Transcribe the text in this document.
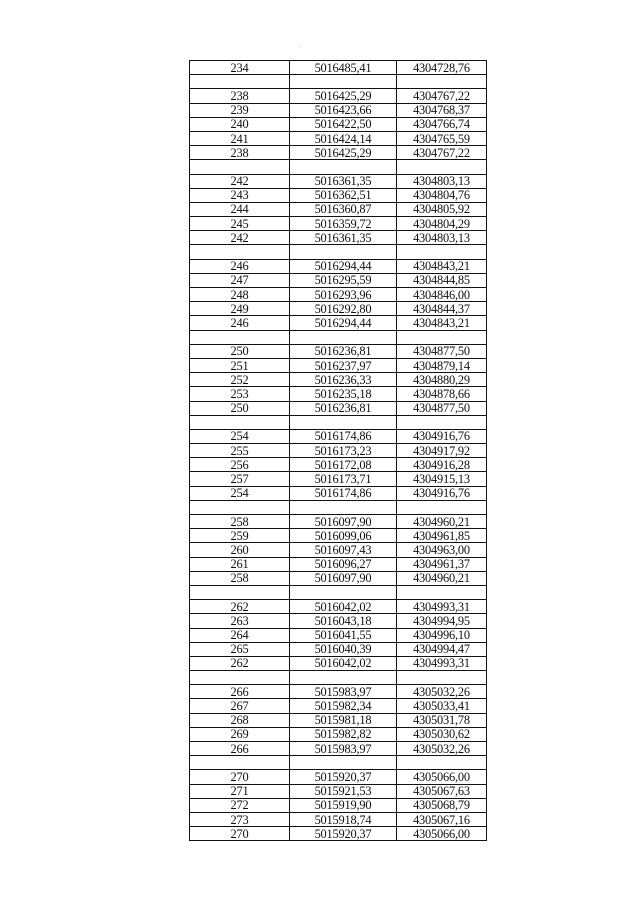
234	5016485,41	4304728,76

238	5016425,29	4304767,22
239	5016423,66	4304768,37
240	5016422,50	4304766,74
241	5016424,14	4304765,59
238	5016425,29	4304767,22

242	5016361,35	4304803,13
243	5016362,51	4304804,76
244	5016360,87	4304805,92
245	5016359,72	4304804,29
242	5016361,35	4304803,13

246	5016294,44	4304843,21
247	5016295,59	4304844,85
248	5016293,96	4304846,00
249	5016292,80	4304844,37
246	5016294,44	4304843,21

250	5016236,81	4304877,50
251	5016237,97	4304879,14
252	5016236,33	4304880,29
253	5016235,18	4304878,66
250	5016236,81	4304877,50

254	5016174,86	4304916,76
255	5016173,23	4304917,92
256	5016172,08	4304916,28
257	5016173,71	4304915,13
254	5016174,86	4304916,76

258	5016097,90	4304960,21
259	5016099,06	4304961,85
260	5016097,43	4304963,00
261	5016096,27	4304961,37
258	5016097,90	4304960,21

262	5016042,02	4304993,31
263	5016043,18	4304994,95
264	5016041,55	4304996,10
265	5016040,39	4304994,47
262	5016042,02	4304993,31

266	5015983,97	4305032,26
267	5015982,34	4305033,41
268	5015981,18	4305031,78
269	5015982,82	4305030,62
266	5015983,97	4305032,26

270	5015920,37	4305066,00
271	5015921,53	4305067,63
272	5015919,90	4305068,79
273	5015918,74	4305067,16
270	5015920,37	4305066,00
